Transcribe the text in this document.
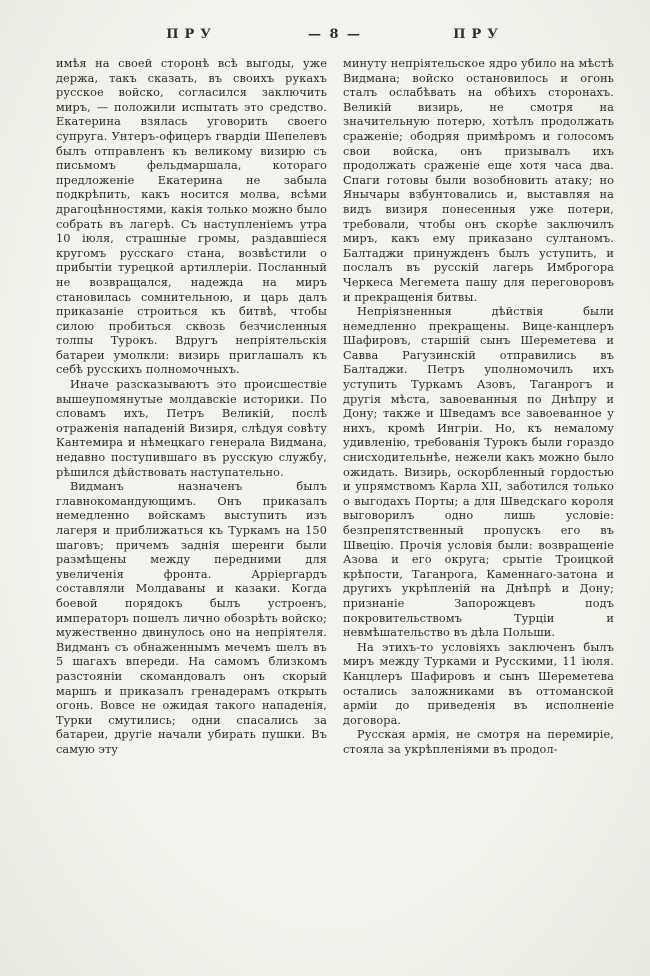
ПРУ	— 8 —	ПРУ

имѣя на своей сторонѣ всѣ выгоды, уже держа, такъ сказать, въ своихъ рукахъ русское войско, согласился заключить миръ, — положили испытать это средство. Екатерина взялась уговорить своего супруга. Унтеръ-офицеръ гвардіи Шепелевъ былъ отправленъ къ великому визирю съ письмомъ фельдмаршала, котораго предложеніе Екатерина не забыла подкрѣпить, какъ носится молва, всѣми драгоцѣнностями, какія только можно было собрать въ лагерѣ. Съ наступленіемъ утра 10 іюля, страшные громы, раздавшіеся кругомъ русскаго стана, возвѣстили о прибытіи турецкой артиллеріи. Посланный не возвращался, надежда на миръ становилась сомнительною, и царь далъ приказаніе строиться къ битвѣ, чтобы силою пробиться сквозь безчисленныя толпы Турокъ. Вдругъ непріятельскія батареи умолкли: визирь приглашалъ къ себѣ русскихъ полномочныхъ.

Иначе разсказываютъ это происшествіе вышеупомянутые молдавскіе историки. По словамъ ихъ, Петръ Великій, послѣ отраженія нападеній Визиря, слѣдуя совѣту Кантемира и нѣмецкаго генерала Видмана, недавно поступившаго въ русскую службу, рѣшился дѣйствовать наступательно.

Видманъ назначенъ былъ главнокомандующимъ. Онъ приказалъ немедленно войскамъ выступить изъ лагеря и приближаться къ Туркамъ на 150 шаговъ; причемъ заднія шеренги были размѣщены между передними для увеличенія фронта. Арріергардъ составляли Молдаваны и казаки. Когда боевой порядокъ былъ устроенъ, императоръ пошелъ лично обозрѣть войско; мужественно двинулось оно на непріятеля. Видманъ съ обнаженнымъ мечемъ шелъ въ 5 шагахъ впереди. На самомъ близкомъ разстояніи скомандовалъ онъ скорый маршъ и приказалъ гренадерамъ открыть огонь. Вовсе не ожидая такого нападенія, Турки смутились; одни спасались за батареи, другіе начали убирать пушки. Въ самую эту

минуту непріятельское ядро убило на мѣстѣ Видмана; войско остановилось и огонь сталъ ослабѣвать на обѣихъ сторонахъ. Великій визирь, не смотря на значительную потерю, хотѣлъ продолжать сраженіе; ободряя примѣромъ и голосомъ свои войска, онъ призывалъ ихъ продолжать сраженіе еще хотя часа два. Спаги готовы были возобновить атаку; но Янычары взбунтовались и, выставляя на видъ визиря понесенныя уже потери, требовали, чтобы онъ скорѣе заключилъ миръ, какъ ему приказано султаномъ. Балтаджи принужденъ былъ уступить, и послалъ въ русскій лагерь Имброгора Черкеса Мегемета пашу для переговоровъ и прекращенія битвы.

Непріязненныя дѣйствія были немедленно прекращены. Вице-канцлеръ Шафировъ, старшій сынъ Шереметева и Савва Рагузинскій отправились въ Балтаджи. Петръ уполномочилъ ихъ уступить Туркамъ Азовъ, Таганрогъ и другія мѣста, завоеванныя по Днѣпру и Дону; также и Шведамъ все завоеванное у нихъ, кромѣ Ингріи. Но, къ немалому удивленію, требованія Турокъ были гораздо снисходительнѣе, нежели какъ можно было ожидать. Визирь, оскорбленный гордостью и упрямствомъ Карла XII, заботился только о выгодахъ Порты; а для Шведскаго короля выговорилъ одно лишь условіе: безпрепятственный пропускъ его въ Швецію. Прочія условія были: возвращеніе Азова и его округа; срытіе Троицкой крѣпости, Таганрога, Каменнаго-затона и другихъ укрѣпленій на Днѣпрѣ и Дону; признаніе Запорожцевъ подъ покровительствомъ Турціи и невмѣшательство въ дѣла Польши.

На этихъ-то условіяхъ заключенъ былъ миръ между Турками и Русскими, 11 іюля. Канцлеръ Шафировъ и сынъ Шереметева остались заложниками въ оттоманской арміи до приведенія въ исполненіе договора.

Русская армія, не смотря на перемиріе, стояла за укрѣпленіями въ продол-
